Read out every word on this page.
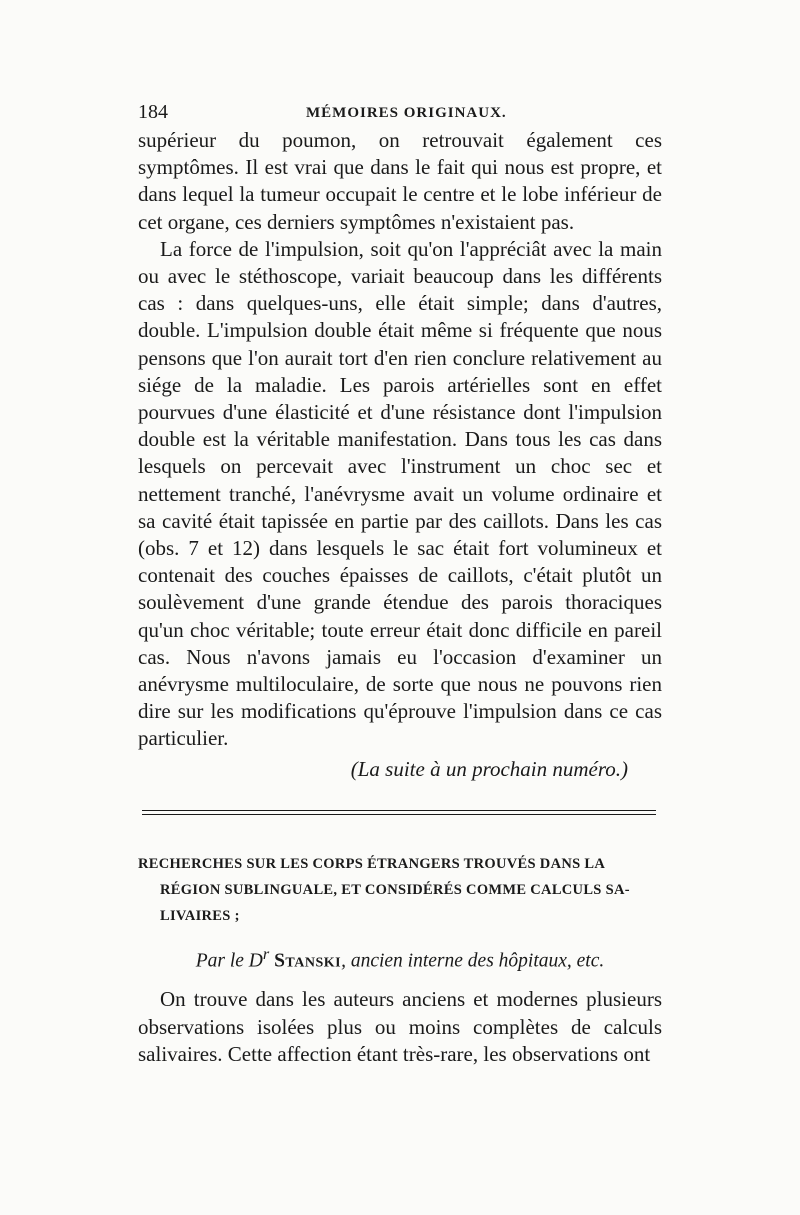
184	MÉMOIRES ORIGINAUX.

supérieur du poumon, on retrouvait également ces symptômes. Il est vrai que dans le fait qui nous est propre, et dans lequel la tumeur occupait le centre et le lobe inférieur de cet organe, ces derniers symptômes n'existaient pas.

La force de l'impulsion, soit qu'on l'appréciât avec la main ou avec le stéthoscope, variait beaucoup dans les différents cas : dans quelques-uns, elle était simple; dans d'autres, double. L'impulsion double était même si fréquente que nous pensons que l'on aurait tort d'en rien conclure relativement au siége de la maladie. Les parois artérielles sont en effet pourvues d'une élasticité et d'une résistance dont l'impulsion double est la véritable manifestation. Dans tous les cas dans lesquels on percevait avec l'instrument un choc sec et nettement tranché, l'anévrysme avait un volume ordinaire et sa cavité était tapissée en partie par des caillots. Dans les cas (obs. 7 et 12) dans lesquels le sac était fort volumineux et contenait des couches épaisses de caillots, c'était plutôt un soulèvement d'une grande étendue des parois thoraciques qu'un choc véritable; toute erreur était donc difficile en pareil cas. Nous n'avons jamais eu l'occasion d'examiner un anévrysme multiloculaire, de sorte que nous ne pouvons rien dire sur les modifications qu'éprouve l'impulsion dans ce cas particulier.

(La suite à un prochain numéro.)
RECHERCHES SUR LES CORPS ÉTRANGERS TROUVÉS DANS LA
RÉGION SUBLINGUALE, ET CONSIDÉRÉS COMME CALCULS SA-
LIVAIRES ;
Par le $D^r$ Stanski, ancien interne des hôpitaux, etc.

On trouve dans les auteurs anciens et modernes plusieurs observations isolées plus ou moins complètes de calculs salivaires. Cette affection étant très-rare, les observations ont
